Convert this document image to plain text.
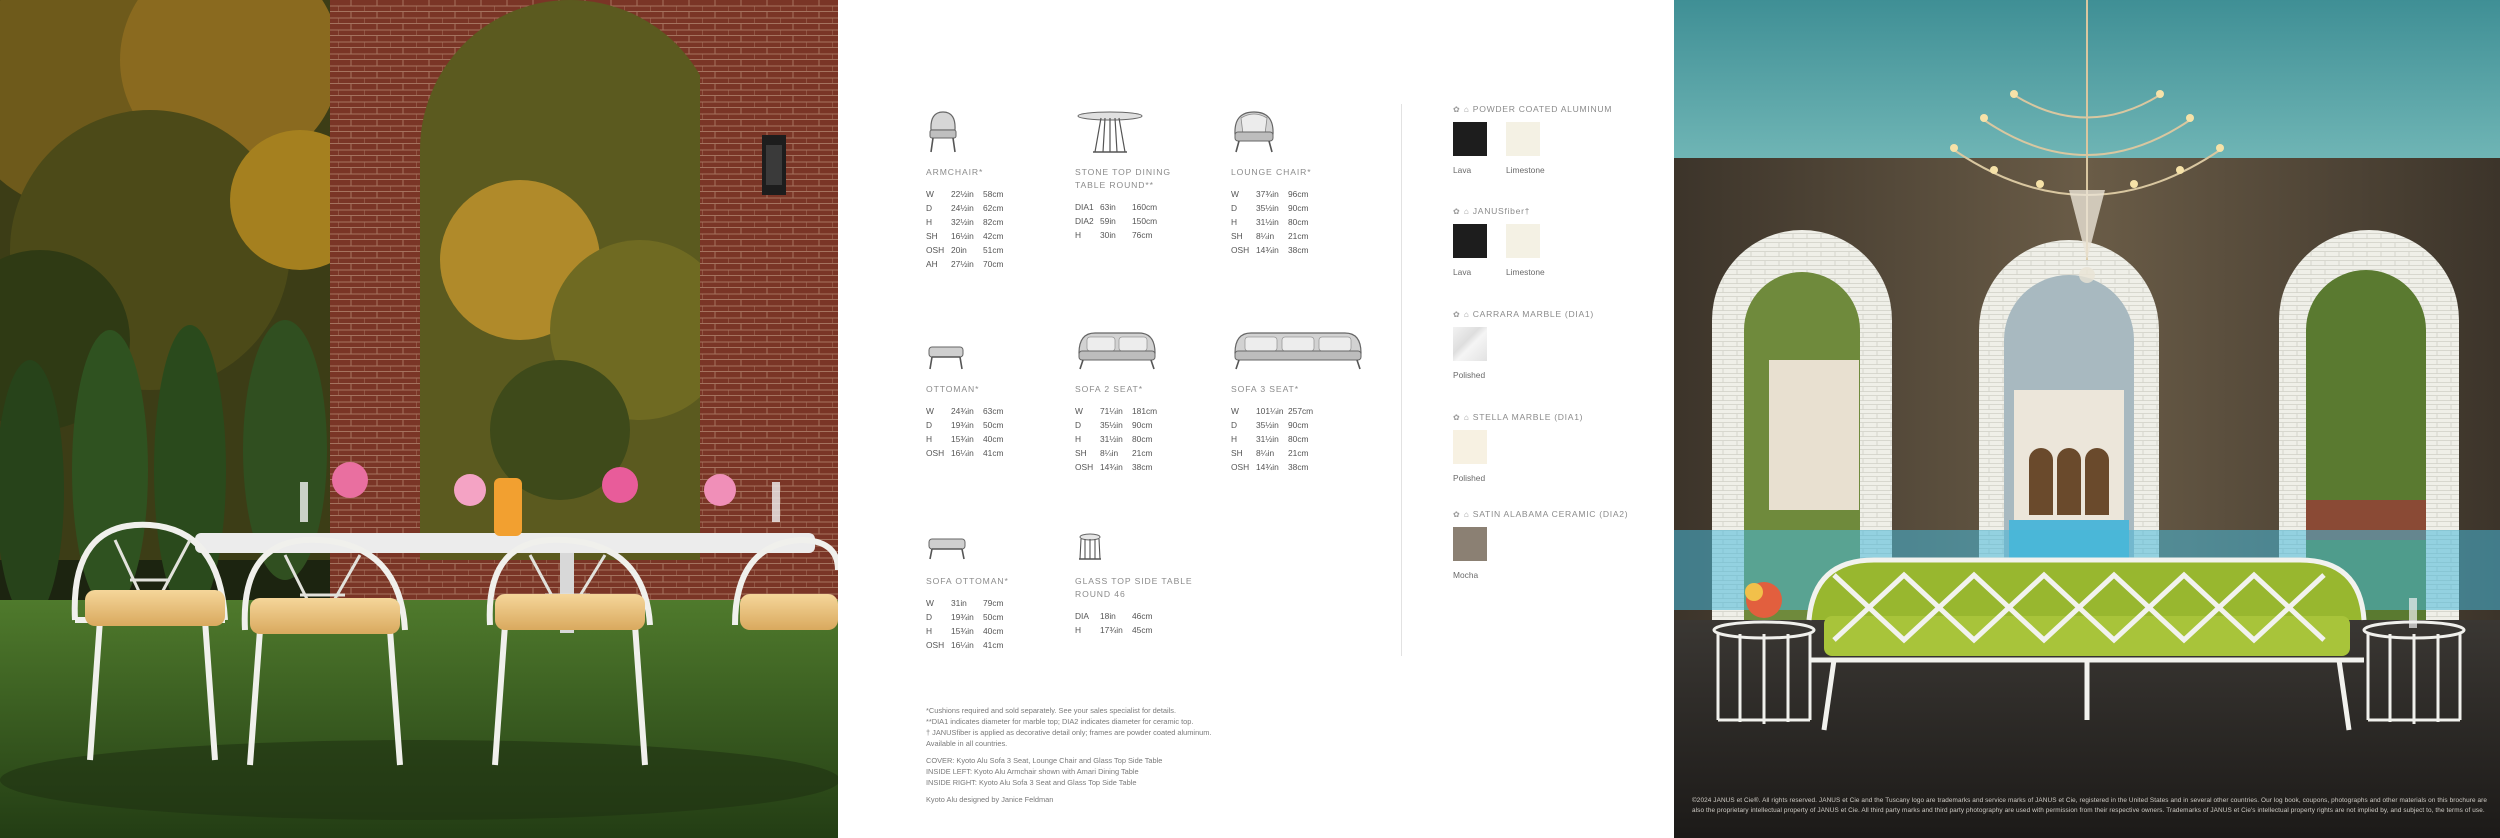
ARMCHAIR*
W	22½in	58cm
D	24½in	62cm
H	32½in	82cm
SH	16½in	42cm
OSH	20in	51cm
AH	27½in	70cm
STONE TOP DINING TABLE ROUND**
DIA1	63in	160cm
DIA2	59in	150cm
H	30in	76cm
LOUNGE CHAIR*
W	37¾in	96cm
D	35½in	90cm
H	31½in	80cm
SH	8¼in	21cm
OSH	14¾in	38cm
OTTOMAN*
W	24¾in	63cm
D	19¾in	50cm
H	15¾in	40cm
OSH	16¼in	41cm
SOFA 2 SEAT*
W	71¼in	181cm
D	35½in	90cm
H	31½in	80cm
SH	8¼in	21cm
OSH	14¾in	38cm
SOFA 3 SEAT*
W	101¼in	257cm
D	35½in	90cm
H	31½in	80cm
SH	8¼in	21cm
OSH	14¾in	38cm
SOFA OTTOMAN*
W	31in	79cm
D	19¾in	50cm
H	15¾in	40cm
OSH	16¼in	41cm
GLASS TOP SIDE TABLE ROUND 46
DIA	18in	46cm
H	17¾in	45cm
✿ ⌂ POWDER COATED ALUMINUM
Lava	Limestone
✿ ⌂ JANUSfiber†
Lava	Limestone
✿ ⌂ CARRARA MARBLE (DIA1)
Polished
✿ ⌂ STELLA MARBLE (DIA1)
Polished
✿ ⌂ SATIN ALABAMA CERAMIC (DIA2)
Mocha

*Cushions required and sold separately. See your sales specialist for details.

**DIA1 indicates diameter for marble top; DIA2 indicates diameter for ceramic top.

† JANUSfiber is applied as decorative detail only; frames are powder coated aluminum.

Available in all countries.

COVER: Kyoto Alu Sofa 3 Seat, Lounge Chair and Glass Top Side Table

INSIDE LEFT: Kyoto Alu Armchair shown with Amari Dining Table

INSIDE RIGHT: Kyoto Alu Sofa 3 Seat and Glass Top Side Table

Kyoto Alu designed by Janice Feldman	©2024 JANUS et Cie®. All rights reserved. JANUS et Cie and the Tuscany logo are trademarks and service marks of JANUS et Cie, registered in the United States and in several other countries. Our log book, coupons, photographs and other materials on this brochure are also the proprietary intellectual property of JANUS et Cie. All third party marks and third party photography are used with permission from their respective owners. Trademarks of JANUS et Cie's intellectual property rights are not implied by, and subject to, the terms of use.
